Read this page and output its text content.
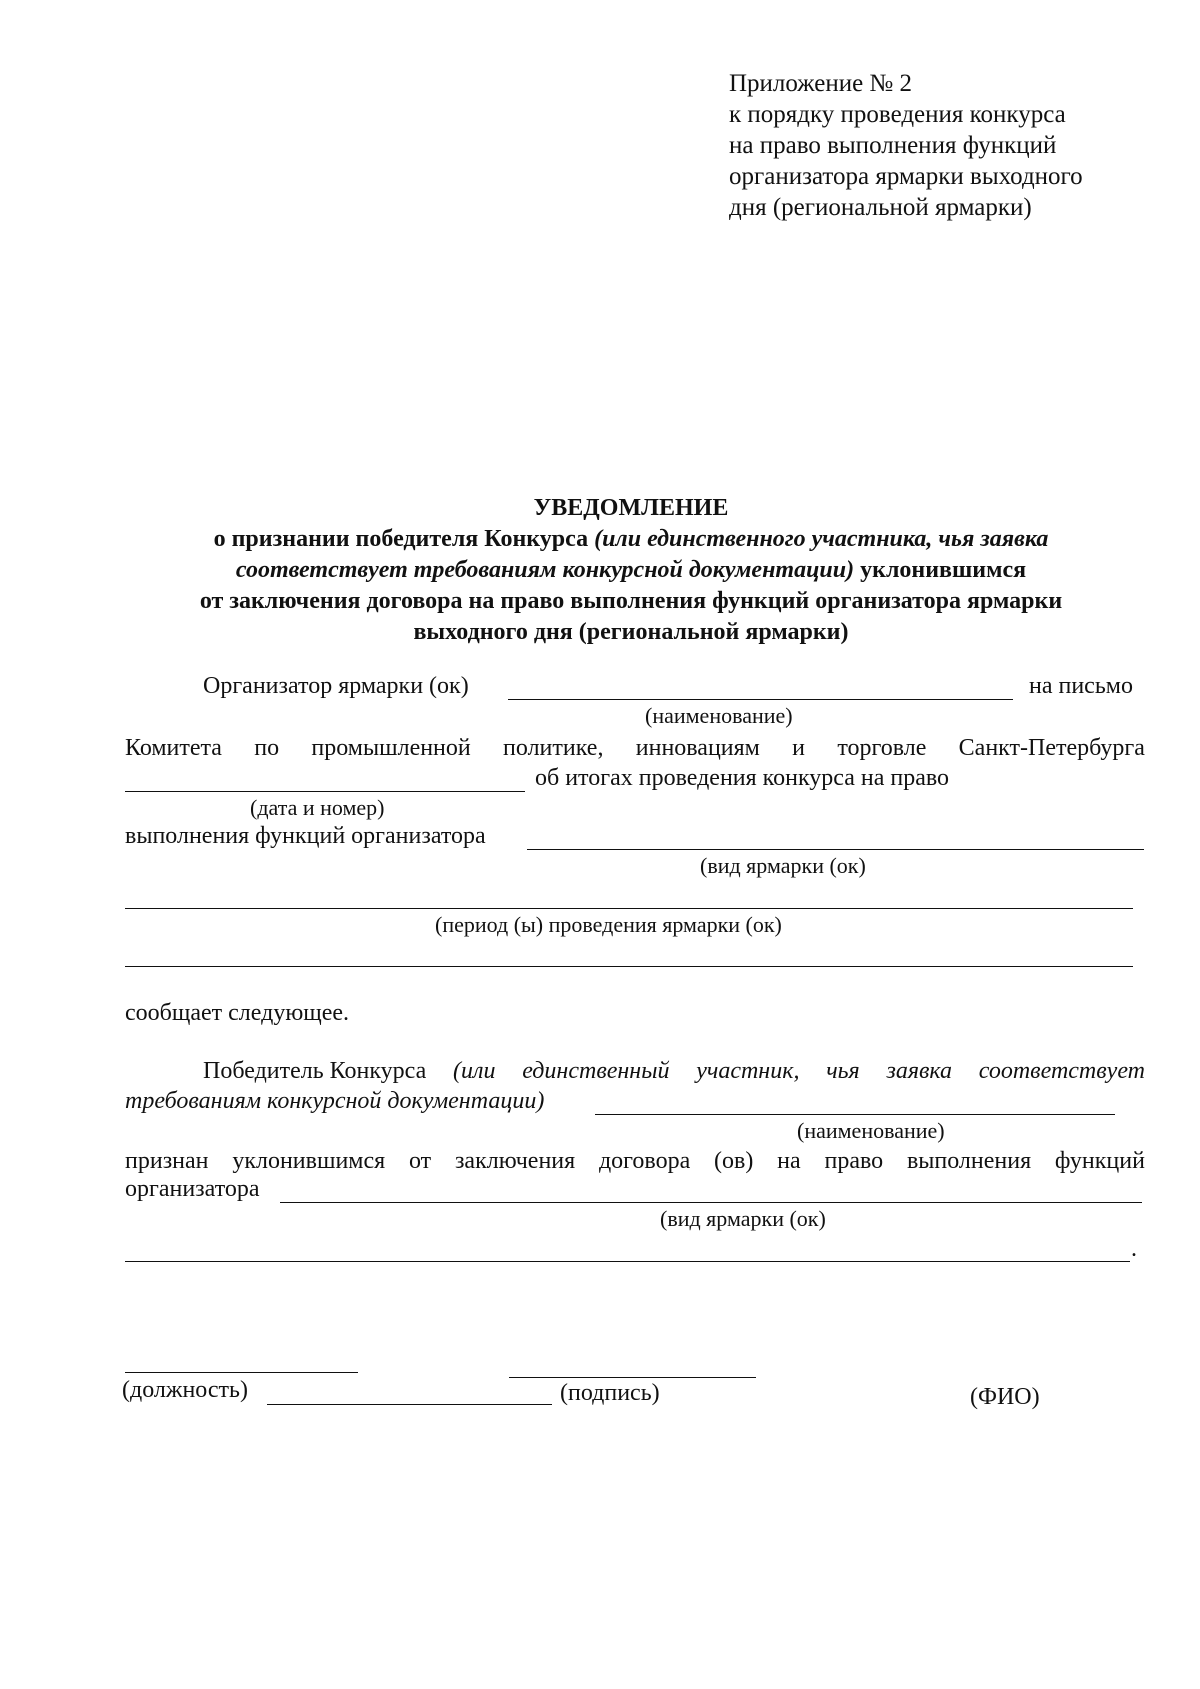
Приложение № 2
к порядку проведения конкурса
на право выполнения функций
организатора ярмарки выходного
дня (региональной ярмарки)
УВЕДОМЛЕНИЕ
о признании победителя Конкурса (или единственного участника, чья заявка
соответствует требованиям конкурсной документации) уклонившимся
от заключения договора на право выполнения функций организатора ярмарки
выходного дня (региональной ярмарки)
Организатор ярмарки (ок)	на письмо
(наименование)
Комитета по промышленной политике, инновациям и торговле Санкт-Петербурга
об итогах проведения конкурса на право
(дата и номер)
выполнения функций организатора
(вид ярмарки (ок)
(период (ы) проведения ярмарки (ок)
сообщает следующее.
Победитель Конкурса (или единственный участник, чья заявка соответствует
требованиям конкурсной документации)
(наименование)
признан уклонившимся от заключения договора (ов) на право выполнения функций
организатора
(вид ярмарки (ок)
.
(должность)	(подпись)	(ФИО)
